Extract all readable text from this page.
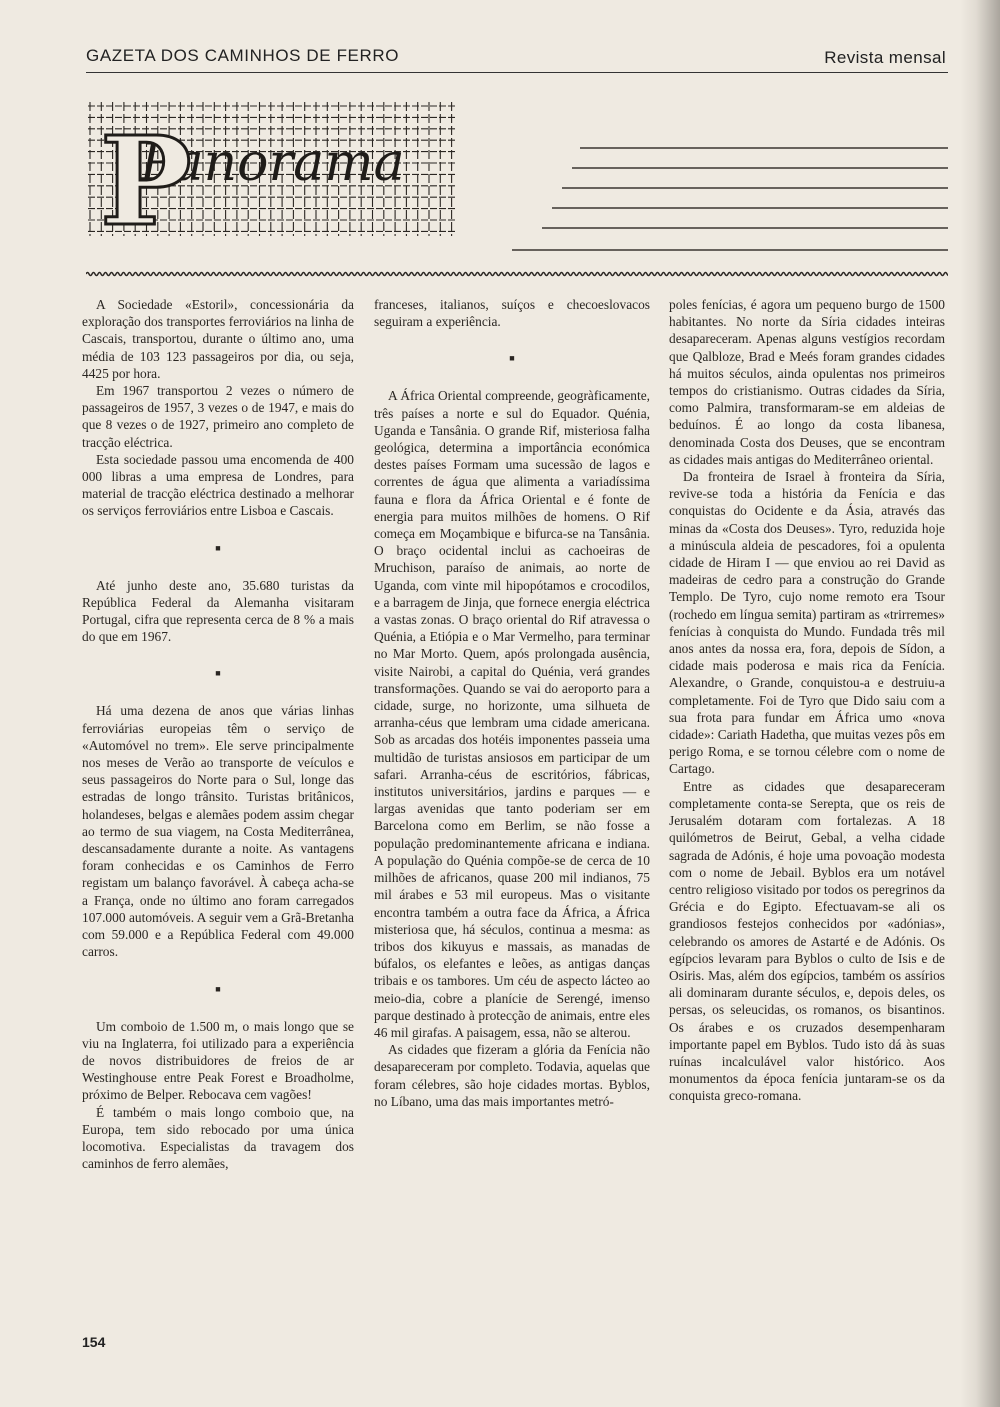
GAZETA DOS CAMINHOS DE FERRO	Revista mensal
Panorama
P

A Sociedade «Estoril», concessionária da exploração dos transportes ferroviários na linha de Cascais, transportou, durante o último ano, uma média de 103 123 passageiros por dia, ou seja, 4425 por hora.

Em 1967 transportou 2 vezes o número de passageiros de 1957, 3 vezes o de 1947, e mais do que 8 vezes o de 1927, primeiro ano completo de tracção eléctrica.

Esta sociedade passou uma encomenda de 400 000 libras a uma empresa de Londres, para material de tracção eléctrica destinado a melhorar os serviços ferroviários entre Lisboa e Cascais.

■

Até junho deste ano, 35.680 turistas da República Federal da Alemanha visitaram Portugal, cifra que representa cerca de 8 % a mais do que em 1967.

■

Há uma dezena de anos que várias linhas ferroviárias europeias têm o serviço de «Automóvel no trem». Ele serve principalmente nos meses de Verão ao transporte de veículos e seus passageiros do Norte para o Sul, longe das estradas de longo trânsito. Turistas britânicos, holandeses, belgas e alemães podem assim chegar ao termo de sua viagem, na Costa Mediterrânea, descansadamente durante a noite. As vantagens foram conhecidas e os Caminhos de Ferro registam um balanço favorável. À cabeça acha-se a França, onde no último ano foram carregados 107.000 automóveis. A seguir vem a Grã-Bretanha com 59.000 e a República Federal com 49.000 carros.

■

Um comboio de 1.500 m, o mais longo que se viu na Inglaterra, foi utilizado para a experiência de novos distribuidores de freios de ar Westinghouse entre Peak Forest e Broadholme, próximo de Belper. Rebocava cem vagões!

É também o mais longo comboio que, na Europa, tem sido rebocado por uma única locomotiva. Especialistas da travagem dos caminhos de ferro alemães,

franceses, italianos, suíços e checoeslovacos seguiram a experiência.

■

A África Oriental compreende, geogràficamente, três países a norte e sul do Equador. Quénia, Uganda e Tansânia. O grande Rif, misteriosa falha geológica, determina a importância económica destes países Formam uma sucessão de lagos e correntes de água que alimenta a variadíssima fauna e flora da África Oriental e é fonte de energia para muitos milhões de homens. O Rif começa em Moçambique e bifurca-se na Tansânia. O braço ocidental inclui as cachoeiras de Mruchison, paraíso de animais, ao norte de Uganda, com vinte mil hipopótamos e crocodilos, e a barragem de Jinja, que fornece energia eléctrica a vastas zonas. O braço oriental do Rif atravessa o Quénia, a Etiópia e o Mar Vermelho, para terminar no Mar Morto. Quem, após prolongada ausência, visite Nairobi, a capital do Quénia, verá grandes transformações. Quando se vai do aeroporto para a cidade, surge, no horizonte, uma silhueta de arranha-céus que lembram uma cidade americana. Sob as arcadas dos hotéis imponentes passeia uma multidão de turistas ansiosos em participar de um safari. Arranha-céus de escritórios, fábricas, institutos universitários, jardins e parques — e largas avenidas que tanto poderiam ser em Barcelona como em Berlim, se não fosse a população predominantemente africana e indiana. A população do Quénia compõe-se de cerca de 10 milhões de africanos, quase 200 mil indianos, 75 mil árabes e 53 mil europeus. Mas o visitante encontra também a outra face da África, a África misteriosa que, há séculos, continua a mesma: as tribos dos kikuyus e massais, as manadas de búfalos, os elefantes e leões, as antigas danças tribais e os tambores. Um céu de aspecto lácteo ao meio-dia, cobre a planície de Serengé, imenso parque destinado à protecção de animais, entre eles 46 mil girafas. A paisagem, essa, não se alterou.

As cidades que fizeram a glória da Fenícia não desapareceram por completo. Todavia, aquelas que foram célebres, são hoje cidades mortas. Byblos, no Líbano, uma das mais importantes metró-

poles fenícias, é agora um pequeno burgo de 1500 habitantes. No norte da Síria cidades inteiras desapareceram. Apenas alguns vestígios recordam que Qalbloze, Brad e Meés foram grandes cidades há muitos séculos, ainda opulentas nos primeiros tempos do cristianismo. Outras cidades da Síria, como Palmira, transformaram-se em aldeias de beduínos. É ao longo da costa libanesa, denominada Costa dos Deuses, que se encontram as cidades mais antigas do Mediterrâneo oriental.

Da fronteira de Israel à fronteira da Síria, revive-se toda a história da Fenícia e das conquistas do Ocidente e da Ásia, através das minas da «Costa dos Deuses». Tyro, reduzida hoje a minúscula aldeia de pescadores, foi a opulenta cidade de Hiram I — que enviou ao rei David as madeiras de cedro para a construção do Grande Templo. De Tyro, cujo nome remoto era Tsour (rochedo em língua semita) partiram as «trirremes» fenícias à conquista do Mundo. Fundada três mil anos antes da nossa era, fora, depois de Sídon, a cidade mais poderosa e mais rica da Fenícia. Alexandre, o Grande, conquistou-a e destruiu-a completamente. Foi de Tyro que Dido saiu com a sua frota para fundar em África umo «nova cidade»: Cariath Hadetha, que muitas vezes pôs em perigo Roma, e se tornou célebre com o nome de Cartago.

Entre as cidades que desapareceram completamente conta-se Serepta, que os reis de Jerusalém dotaram com fortalezas. A 18 quilómetros de Beirut, Gebal, a velha cidade sagrada de Adónis, é hoje uma povoação modesta com o nome de Jebail. Byblos era um notável centro religioso visitado por todos os peregrinos da Grécia e do Egipto. Efectuavam-se ali os grandiosos festejos conhecidos por «adónias», celebrando os amores de Astarté e de Adónis. Os egípcios levaram para Byblos o culto de Isis e de Osiris. Mas, além dos egípcios, também os assírios ali dominaram durante séculos, e, depois deles, os persas, os seleucidas, os romanos, os bisantinos. Os árabes e os cruzados desempenharam importante papel em Byblos. Tudo isto dá às suas ruínas incalculável valor histórico. Aos monumentos da época fenícia juntaram-se os da conquista greco-romana.

154
